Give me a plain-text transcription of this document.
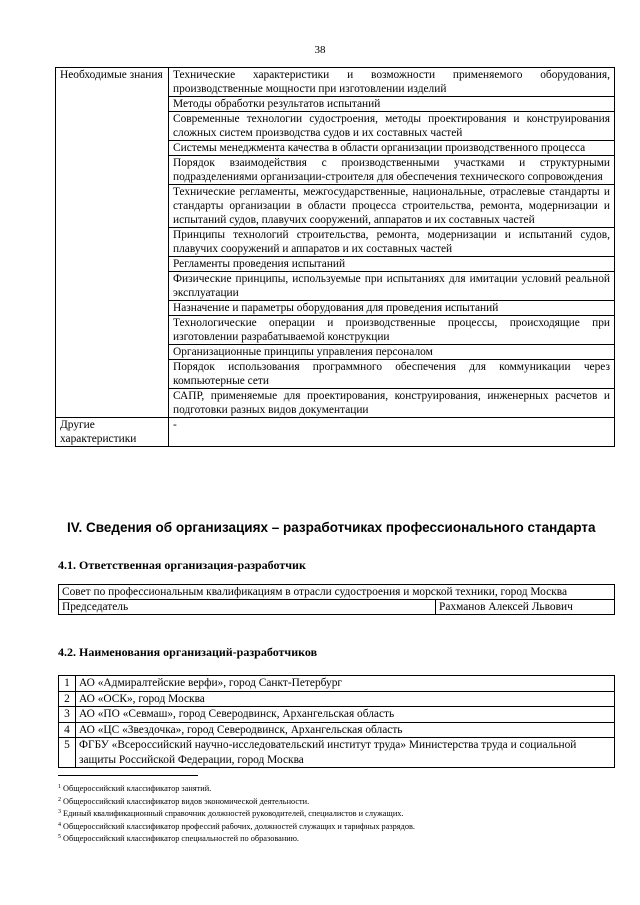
38
Необходимые знания	Технические характеристики и возможности применяемого оборудования, производственные мощности при изготовлении изделий
	Методы обработки результатов испытаний
	Современные технологии судостроения, методы проектирования и конструирования сложных систем производства судов и их составных частей
	Системы менеджмента качества в области организации производственного процесса
	Порядок взаимодействия с производственными участками и структурными подразделениями организации-строителя для обеспечения технического сопровождения
	Технические регламенты, межгосударственные, национальные, отраслевые стандарты и стандарты организации в области процесса строительства, ремонта, модернизации и испытаний судов, плавучих сооружений, аппаратов и их составных частей
	Принципы технологий строительства, ремонта, модернизации и испытаний судов, плавучих сооружений и аппаратов и их составных частей
	Регламенты проведения испытаний
	Физические принципы, используемые при испытаниях для имитации условий реальной эксплуатации
	Назначение и параметры оборудования для проведения испытаний
	Технологические операции и производственные процессы, происходящие при изготовлении разрабатываемой конструкции
	Организационные принципы управления персоналом
	Порядок использования программного обеспечения для коммуникации через компьютерные сети
	САПР, применяемые для проектирования, конструирования, инженерных расчетов и подготовки разных видов документации
Другие характеристики	-
IV. Сведения об организациях – разработчиках профессионального стандарта
4.1. Ответственная организация-разработчик
Совет по профессиональным квалификациям в отрасли судостроения и морской техники, город Москва
Председатель	Рахманов Алексей Львович
4.2. Наименования организаций-разработчиков
1	АО «Адмиралтейские верфи», город Санкт-Петербург
2	АО «ОСК», город Москва
3	АО «ПО «Севмаш», город Северодвинск, Архангельская область
4	АО «ЦС «Звездочка», город Северодвинск, Архангельская область
5	ФГБУ «Всероссийский научно-исследовательский институт труда» Министерства труда и социальной защиты Российской Федерации, город Москва
$^1$ Общероссийский классификатор занятий.
$^2$ Общероссийский классификатор видов экономической деятельности.
$^3$ Единый квалификационный справочник должностей руководителей, специалистов и служащих.
$^4$ Общероссийский классификатор профессий рабочих, должностей служащих и тарифных разрядов.
$^5$ Общероссийский классификатор специальностей по образованию.
